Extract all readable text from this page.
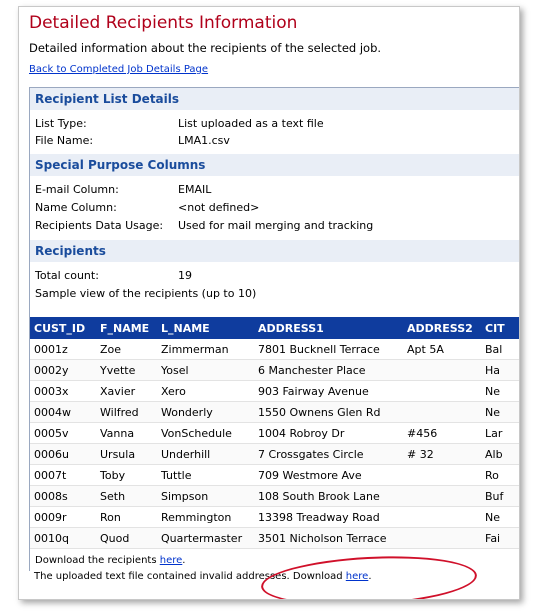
Detailed Recipients Information
Detailed information about the recipients of the selected job.
Back to Completed Job Details Page
Recipient List Details
List Type:	List uploaded as a text file
File Name:	LMA1.csv
Special Purpose Columns
E-mail Column:	EMAIL
Name Column:	<not defined>
Recipients Data Usage: Used for mail merging and tracking
Recipients
Total count:	19
Sample view of the recipients (up to 10)
CUST_ID	F_NAME	L_NAME	ADDRESS1	ADDRESS2	CIT
0001z	Zoe	Zimmerman	7801 Bucknell Terrace	Apt 5A	Bal
0002y	Yvette	Yosel	6 Manchester Place		Ha
0003x	Xavier	Xero	903 Fairway Avenue		Ne
0004w	Wilfred	Wonderly	1550 Ownens Glen Rd		Ne
0005v	Vanna	VonSchedule	1004 Robroy Dr	#456	Lar
0006u	Ursula	Underhill	7 Crossgates Circle	# 32	Alb
0007t	Toby	Tuttle	709 Westmore Ave		Ro
0008s	Seth	Simpson	108 South Brook Lane		Buf
0009r	Ron	Remmington	13398 Treadway Road		Ne
0010q	Quod	Quartermaster	3501 Nicholson Terrace		Fai
Download the recipients here.
The uploaded text file contained invalid addresses. Download here.
